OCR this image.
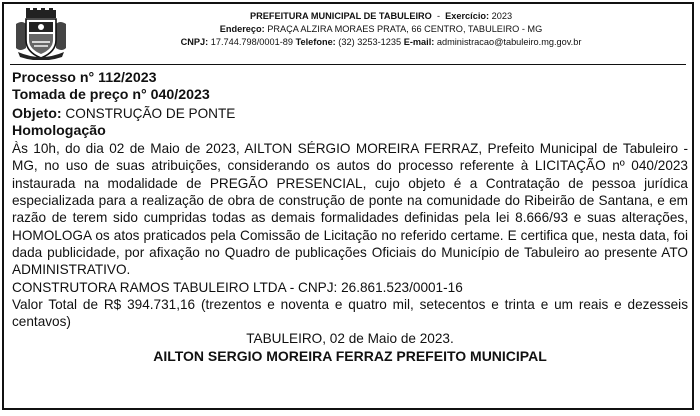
PREFEITURA MUNICIPAL DE TABULEIRO  -  Exercício: 2023
Endereço: PRAÇA ALZIRA MORAES PRATA, 66 CENTRO, TABULEIRO - MG
CNPJ: 17.744.798/0001-89 Telefone: (32) 3253-1235 E-mail: administracao@tabuleiro.mg.gov.br
Processo n° 112/2023
Tomada de preço n° 040/2023
Objeto: CONSTRUÇÃO DE PONTE
Homologação
Às 10h, do dia 02 de Maio de 2023, AILTON SÉRGIO MOREIRA FERRAZ, Prefeito Municipal de Tabuleiro - MG, no uso de suas atribuições, considerando os autos do processo referente à LICITAÇÃO nº 040/2023 instaurada na modalidade de PREGÃO PRESENCIAL, cujo objeto é a Contratação de pessoa jurídica especializada para a realização de obra de construção de ponte na comunidade do Ribeirão de Santana, e em razão de terem sido cumpridas todas as demais formalidades definidas pela lei 8.666/93 e suas alterações, HOMOLOGA os atos praticados pela Comissão de Licitação no referido certame. E certifica que, nesta data, foi dada publicidade, por afixação no Quadro de publicações Oficiais do Município de Tabuleiro ao presente ATO ADMINISTRATIVO.
CONSTRUTORA RAMOS TABULEIRO LTDA - CNPJ: 26.861.523/0001-16
Valor Total de R$ 394.731,16 (trezentos e noventa e quatro mil, setecentos e trinta e um reais e dezesseis centavos)
TABULEIRO, 02 de Maio de 2023.
AILTON SERGIO MOREIRA FERRAZ PREFEITO MUNICIPAL
